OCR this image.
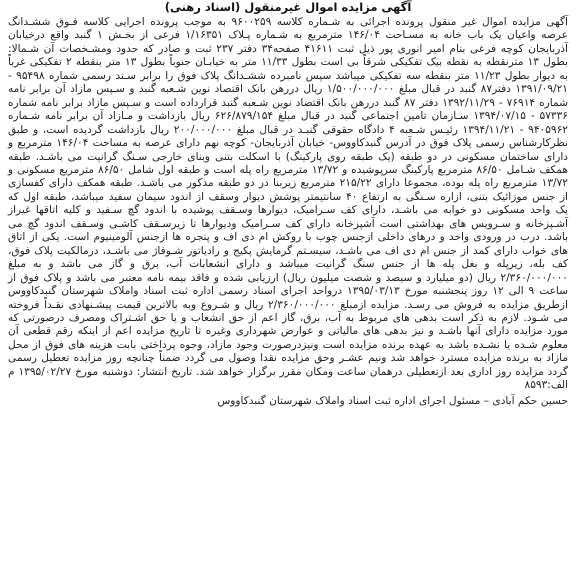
آگهی مزایده اموال غیرمنقول (اسناد رهنی)
آگهی مزایده اموال غیر منقول پرونده اجرائی به شـماره کلاسه ۹۶۰۰۲۵۹ به موجب پرونده اجرایی کلاسه فـوق ششـدانگ عرصه واعیان یک باب خانه به مسـاحت ۱۴۶/۰۴ مترمربع به شـماره پـلاک ۱/۱۶۳۵۱ فرعی از بخـش ۱ گنبد واقع درخیابان آذربایجان کوچه فرعی بنام امیر انوری پور ذیل ثبت ۴۱۶۱۱ صفحه۳۴ دفتر ۲۳۷ ثبت و صادر که حدود ومشـخصات آن شـمالا: بطول ۱۳ مترنقطه به نقطه بیک تفکیکی شرقاً بی است بطول ۱۱/۳۳ متر به خیابـان جنوباً بطول ۱۳ متر بنقطه ۲ تفکیکی غرباً به دیوار بطول ۱۱/۲۳ متر بنقطه سه تفکیکی میباشد سپس نامبرده ششـدانگ پلاک فوق را برابر سـند رسمی شماره ۹۵۴۹۸ - ۱۳۹۱/۰۹/۲۱ دفتر۸۷ گنبد در قبال مبلغ ۱/۵۰۰/۰۰۰/۰۰۰ ریال دررهن بانک اقتصاد نوین شـعبه گنبد و سـپس مازاد آن برابر نامه شماره ۷۶۹۱۴ - ۱۳۹۲/۱۱/۲۹ دفتر ۸۷ گنبد دررهن بانک اقتصاد نوین شـعبه گنبد قرارداده است و سـپس مازاد برابر نامه شماره ۵۷۳۳۶ - ۱۳۹۴/۰۷/۱۵ سـازمان تامین اجتماعی گنبد در قبال مبلغ ۶۲۶/۸۷۹/۱۵۴ ریال بازداشت و مـازاد آن برابر نامه شـماره ۹۴۰۵۹۶۲ - ۱۳۹۴/۱۱/۲۱ رئیـس شـعبه ۴ دادگاه حقوقی گنبـد در قبال مبلغ ۲۰۰/۰۰۰/۰۰۰ ریال بازداشت گردیده است، و طبق نظرکارشناس رسمی پلاک فوق در آدرس گنبدکاووس- خیابان آذربایجان- کوچه نهم دارای عرصه به مساحت ۱۴۶/۰۴ مترمربع و دارای ساختمان مسکونی در دو طبقه (یک طبقه روی پارکینگ) با اسکلت بتنی وبنای خارجی سـنگ گرانیت می باشـد. طبقه همکف شـامل ۸۶/۵۰ مترمربع پارکینگ سرپوشیده و ۱۳/۷۲ مترمربع راه پله است و طبقه اول شامل ۸۶/۵۰ مترمربع مسکونی و ۱۳/۷۲ مترمربع راه پله بوده، مجموعا دارای ۲۱۵/۲۲ مترمربع زیربنا در دو طبقه مذکور می باشـد. طبقه همکف دارای کفسازی از جنس موزائیک بتنی، ازاره سـنگی به ارتفاع ۴۰ سانتیمتر پوشش دیوار وسقف از اندود سیمان سفید میباشد، طبقه اول که یک واحد مسکونی دو خوابه می باشـد، دارای کف سـرامیک، دیوارها وسـقف پوشیده با اندود گچ سـفید و کلیه اتاقها غیراز آشـپزخانه و سـرویس های بهداشتی است آشپزخانه دارای کف سـرامیک ودیوارها تا زیرسـقف کاشـی وسـقف اندود گچ می باشد. درب در ورودی واحد و درهای داخلی ازجنس چوب با روکش ام دی اف و پنجره ها ازجنس آلومینیوم است. یکی از اتاق های خواب دارای کمد از جنس ام دی اف می باشـد، سیسـتم گرمایش پکیج و رادیاتور شـوفاژ می باشـد، درمالکیت پلاک فوق، کف بله، زیرپله و بغل پله ها از جنس سنگ گرانیت میباشد و دارای انشعابات آب، برق و گاز می باشد و به مبلغ ۲/۳۶۰/۰۰۰/۰۰۰ ریال (دو میلیارد و سیصد و شصت میلیون ریال) ارزیابی شده و فاقد بیمه نامه معتبر می باشد و پلاک فوق از ساعت ۹ الی ۱۲ روز پنجشنبه مورخ ۱۳۹۵/۰۳/۱۳ درواحد اجرای اسناد رسمی اداره ثبت اسناد واملاک شهرستان گنبدکاووس ازطریق مزایده به فروش می رسـد. مزایده ازمبلغ ۲/۳۶۰/۰۰۰/۰۰۰ ریال و شـروع وبه بالاترین قیمت پیشـنهادی نقـداً فروخته می شـود. لازم به ذکر است بدهی های مربوط به آب، برق، گاز اعم از حق انشعاب و یا حق اشـتراک ومصرف درصورتی که مورد مزایده دارای آنها باشـد و نیز بدهی های مالیاتی و عوارض شهرداری وغیره تا تاریخ مزایده اعم از اینکه رقم قطعی آن معلوم شـده یا نشـده باشد به عهده برنده مزایده است ونیزدرصورت وجود مازاد، وجوه پرداختی بابت هزینه های فوق از محل مازاد به برنده مزایده مسترد خواهد شد ونیم عشـر وحق مزایده نقدا وصول می گردد ضمناً چنانچه روز مزایده تعطیل رسمی گردد مزایده روز اداری بعد ازتعطیلی درهمان ساعت ومکان مقرر برگزار خواهد شد. تاریخ انتشار: دوشنبه مورخ ۱۳۹۵/۰۲/۲۷ م الف:۸۵۹۳
حسین حکم آبادی – مسئول اجرای اداره ثبت اسناد واملاک شهرستان گنبدکاووس
